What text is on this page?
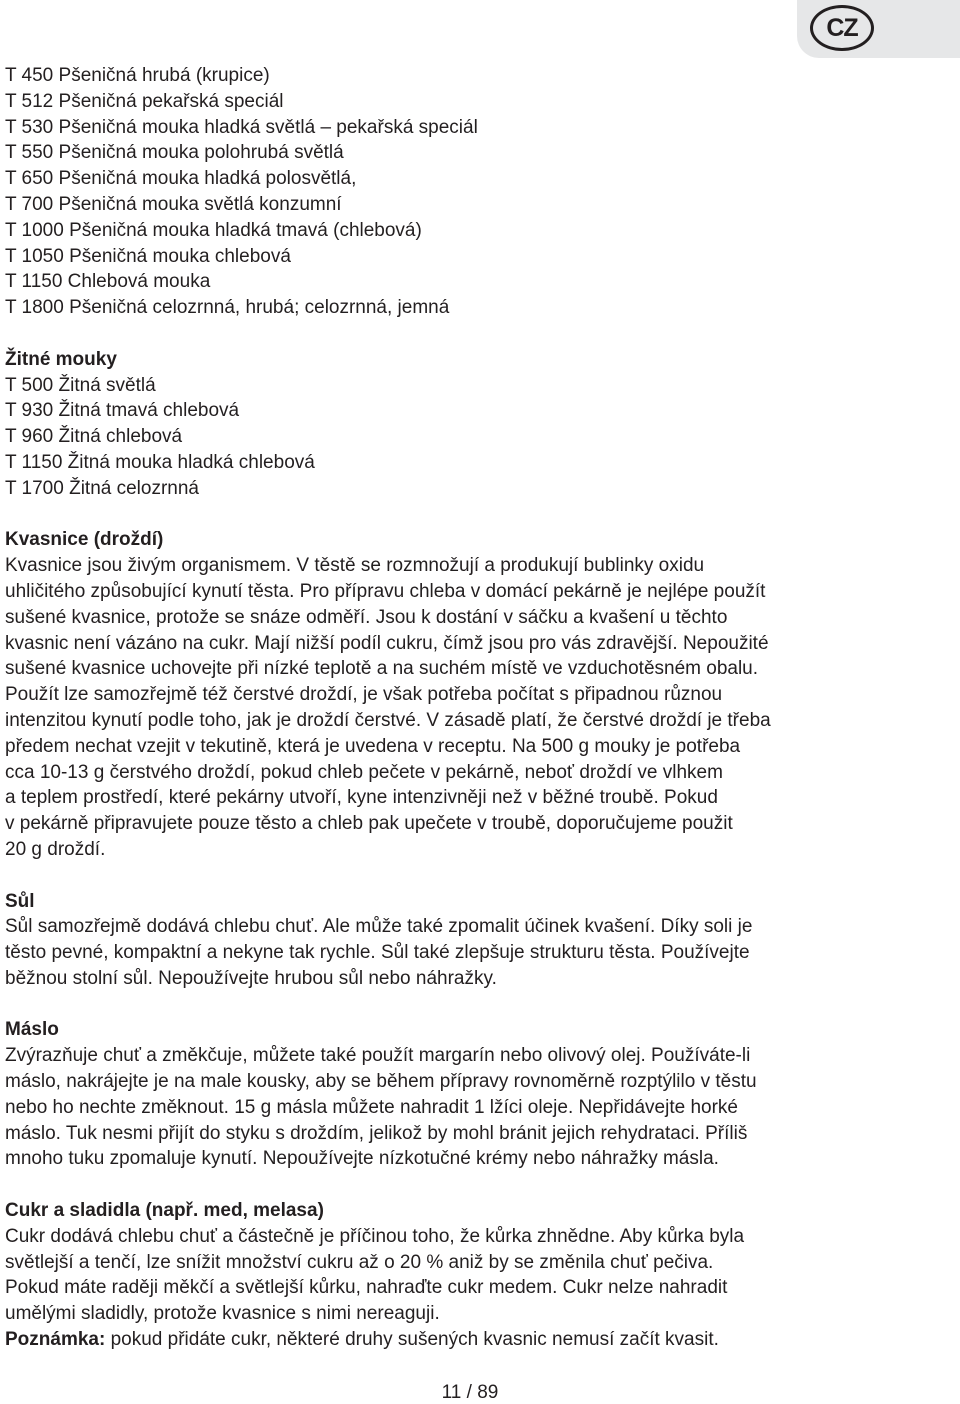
CZ
T 450 Pšeničná hrubá (krupice)
T 512 Pšeničná pekařská speciál
T 530 Pšeničná mouka hladká světlá – pekařská speciál
T 550 Pšeničná mouka polohrubá světlá
T 650 Pšeničná mouka hladká polosvětlá,
T 700 Pšeničná mouka světlá konzumní
T 1000 Pšeničná mouka hladká tmavá (chlebová)
T 1050 Pšeničná mouka chlebová
T 1150 Chlebová mouka
T 1800 Pšeničná celozrnná, hrubá; celozrnná, jemná
Žitné mouky
T 500 Žitná světlá
T 930 Žitná tmavá chlebová
T 960 Žitná chlebová
T 1150 Žitná mouka hladká chlebová
T 1700 Žitná celozrnná
Kvasnice (droždí)
Kvasnice jsou živým organismem. V těstě se rozmnožují a produkují bublinky oxidu
uhličitého způsobující kynutí těsta. Pro přípravu chleba v domácí pekárně je nejlépe použít
sušené kvasnice, protože se snáze odměří. Jsou k dostání v sáčku a kvašení u těchto
kvasnic není vázáno na cukr. Mají nižší podíl cukru, čímž jsou pro vás zdravější. Nepoužité
sušené kvasnice uchovejte při nízké teplotě a na suchém místě ve vzduchotěsném obalu.
Použít lze samozřejmě též čerstvé droždí, je však potřeba počítat s připadnou různou
intenzitou kynutí podle toho, jak je droždí čerstvé. V zásadě platí, že čerstvé droždí je třeba
předem nechat vzejit v tekutině, která je uvedena v receptu. Na 500 g mouky je potřeba
cca 10-13 g čerstvého droždí, pokud chleb pečete v pekárně, neboť droždí ve vlhkem
a teplem prostředí, které pekárny utvoří, kyne intenzivněji než v běžné troubě. Pokud
v pekárně připravujete pouze těsto a chleb pak upečete v troubě, doporučujeme použit
20 g droždí.
Sůl
Sůl samozřejmě dodává chlebu chuť. Ale může také zpomalit účinek kvašení. Díky soli je
těsto pevné, kompaktní a nekyne tak rychle. Sůl také zlepšuje strukturu těsta. Používejte
běžnou stolní sůl. Nepoužívejte hrubou sůl nebo náhražky.
Máslo
Zvýrazňuje chuť a změkčuje, můžete také použít margarín nebo olivový olej. Používáte-li
máslo, nakrájejte je na male kousky, aby se během přípravy rovnoměrně rozptýlilo v těstu
nebo ho nechte změknout. 15 g másla můžete nahradit 1 lžíci oleje. Nepřidávejte horké
máslo. Tuk nesmi přijít do styku s droždím, jelikož by mohl bránit jejich rehydrataci. Příliš
mnoho tuku zpomaluje kynutí. Nepoužívejte nízkotučné krémy nebo náhražky másla.
Cukr a sladidla (např. med, melasa)
Cukr dodává chlebu chuť a částečně je příčinou toho, že kůrka zhnědne. Aby kůrka byla
světlejší a tenčí, lze snížit množství cukru až o 20 % aniž by se změnila chuť pečiva.
Pokud máte raději měkčí a světlejší kůrku, nahraďte cukr medem. Cukr nelze nahradit
umělými sladidly, protože kvasnice s nimi nereaguji.
Poznámka: pokud přidáte cukr, některé druhy sušených kvasnic nemusí začít kvasit.
11 / 89
